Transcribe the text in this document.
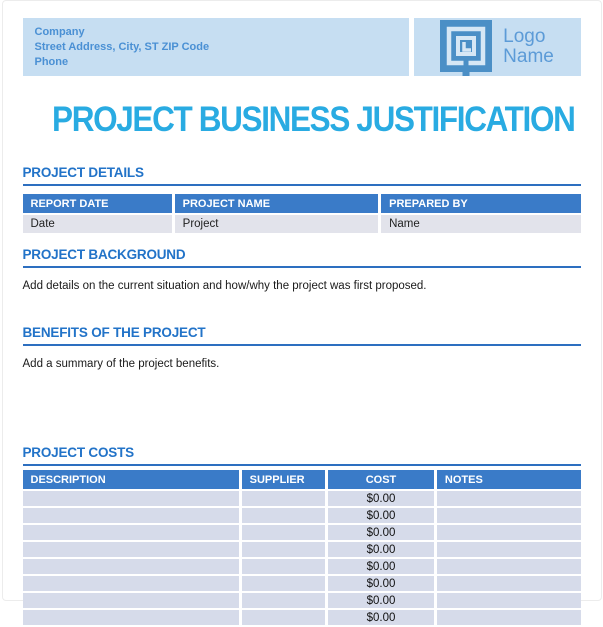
Company
Street Address, City, ST ZIP Code
Phone
Logo
Name
PROJECT BUSINESS JUSTIFICATION
PROJECT DETAILS
REPORT DATE	PROJECT NAME	PREPARED BY
Date	Project	Name
PROJECT BACKGROUND
Add details on the current situation and how/why the project was first proposed.
BENEFITS OF THE PROJECT
Add a summary of the project benefits.
PROJECT COSTS
DESCRIPTION	SUPPLIER	COST	NOTES
		$0.00	
		$0.00	
		$0.00	
		$0.00	
		$0.00	
		$0.00	
		$0.00	
		$0.00	
